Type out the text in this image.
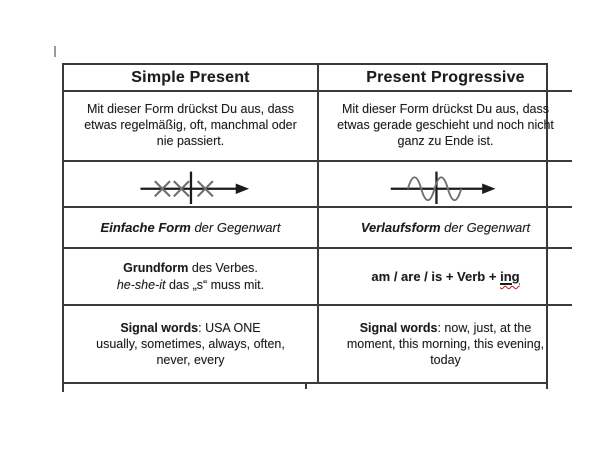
Simple Present	Present Progressive
Mit dieser Form drückst Du aus, dass
etwas regelmäßig, oft, manchmal oder
nie passiert.
Mit dieser Form drückst Du aus, dass
etwas gerade geschieht und noch nicht
ganz zu Ende ist.
Einfache Form der Gegenwart	Verlaufsform der Gegenwart
Grundform des Verbes.
he-she-it das „s“ muss mit.
am / are / is + Verb + ing
Signal words: USA ONE
usually, sometimes, always, often,
never, every
Signal words: now, just, at the
moment, this morning, this evening,
today
